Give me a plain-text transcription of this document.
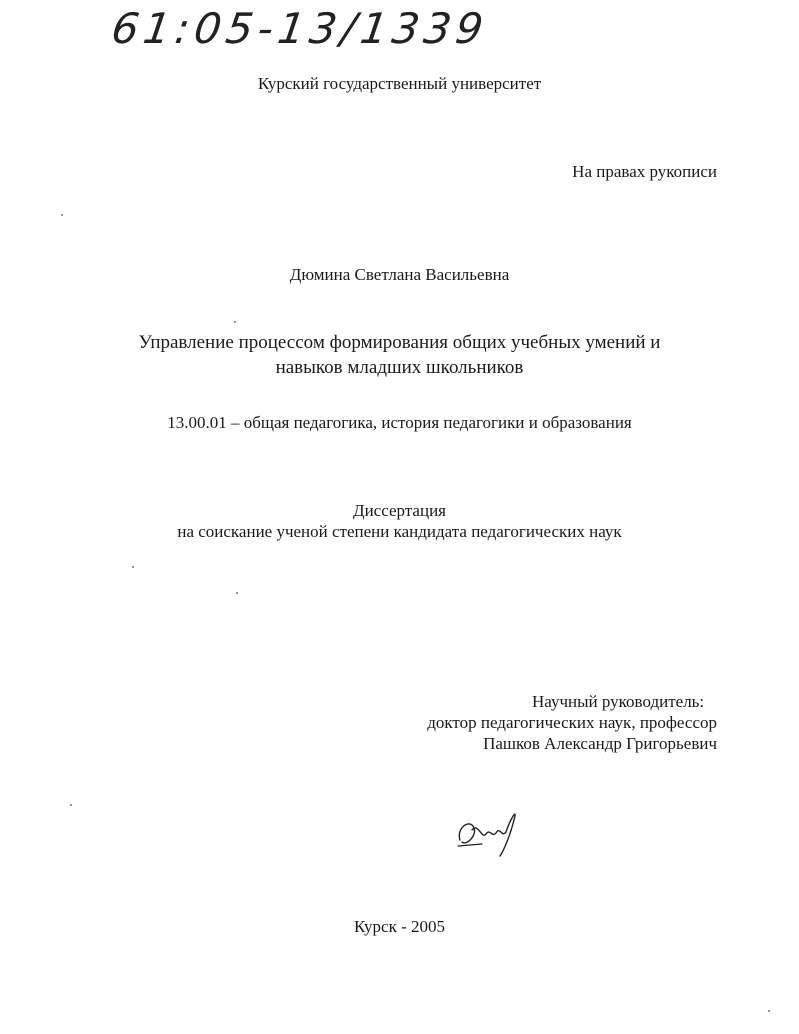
61:05-13/1339
Курский государственный университет
На правах рукописи
Дюмина Светлана Васильевна
Управление процессом формирования общих учебных умений и
навыков младших школьников
13.00.01 – общая педагогика, история педагогики и образования
Диссертация
на соискание ученой степени кандидата педагогических наук
Научный руководитель:
доктор педагогических наук, профессор
Пашков Александр Григорьевич
Курск - 2005
